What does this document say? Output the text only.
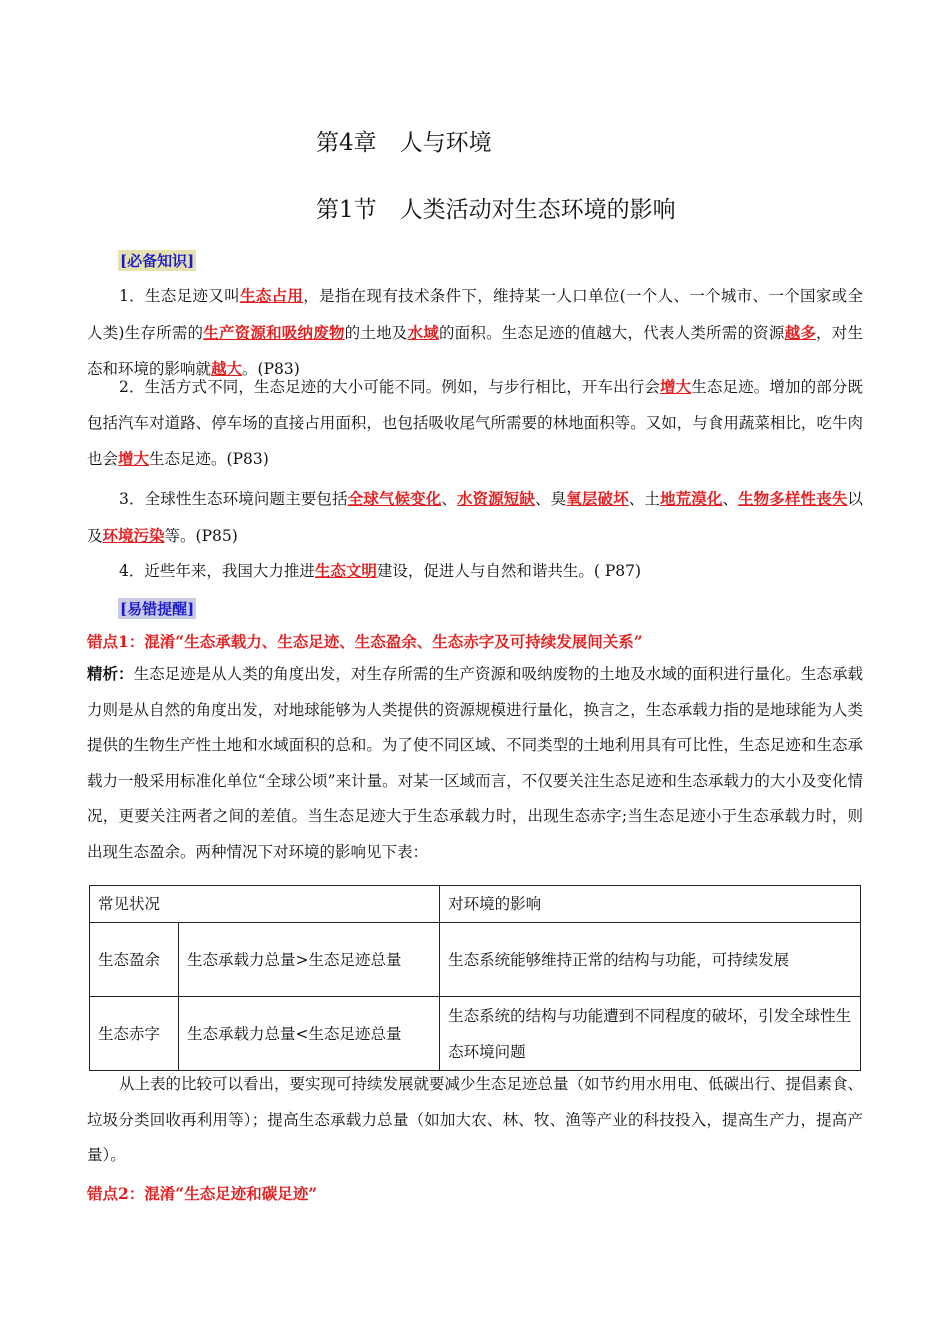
第4章　人与环境
第1节　人类活动对生态环境的影响
[必备知识]
1．生态足迹又叫生态占用，是指在现有技术条件下，维持某一人口单位(一个人、一个城市、一个国家或全人类)生存所需的生产资源和吸纳废物的土地及水域的面积。生态足迹的值越大，代表人类所需的资源越多，对生态和环境的影响就越大。(P83)
2．生活方式不同，生态足迹的大小可能不同。例如，与步行相比，开车出行会增大生态足迹。增加的部分既包括汽车对道路、停车场的直接占用面积，也包括吸收尾气所需要的林地面积等。又如，与食用蔬菜相比，吃牛肉也会增大生态足迹。(P83)
3．全球性生态环境问题主要包括全球气候变化、水资源短缺、臭氧层破坏、土地荒漠化、生物多样性丧失以及环境污染等。(P85)
4．近些年来，我国大力推进生态文明建设，促进人与自然和谐共生。( P87)
[易错提醒]
错点1：混淆“生态承载力、生态足迹、生态盈余、生态赤字及可持续发展间关系”
精析：生态足迹是从人类的角度出发，对生存所需的生产资源和吸纳废物的土地及水域的面积进行量化。生态承载力则是从自然的角度出发，对地球能够为人类提供的资源规模进行量化，换言之，生态承载力指的是地球能为人类提供的生物生产性土地和水域面积的总和。为了使不同区域、不同类型的土地利用具有可比性，生态足迹和生态承载力一般采用标准化单位“全球公顷”来计量。对某一区域而言，不仅要关注生态足迹和生态承载力的大小及变化情况，更要关注两者之间的差值。当生态足迹大于生态承载力时，出现生态赤字;当生态足迹小于生态承载力时，则出现生态盈余。两种情况下对环境的影响见下表：
常见状况		对环境的影响
生态盈余	生态承载力总量>生态足迹总量	生态系统能够维持正常的结构与功能，可持续发展
生态赤字	生态承载力总量<生态足迹总量	生态系统的结构与功能遭到不同程度的破坏，引发全球性生态环境问题
从上表的比较可以看出，要实现可持续发展就要减少生态足迹总量（如节约用水用电、低碳出行、提倡素食、垃圾分类回收再利用等）；提高生态承载力总量（如加大农、林、牧、渔等产业的科技投入，提高生产力，提高产量）。
错点2：混淆“生态足迹和碳足迹”
